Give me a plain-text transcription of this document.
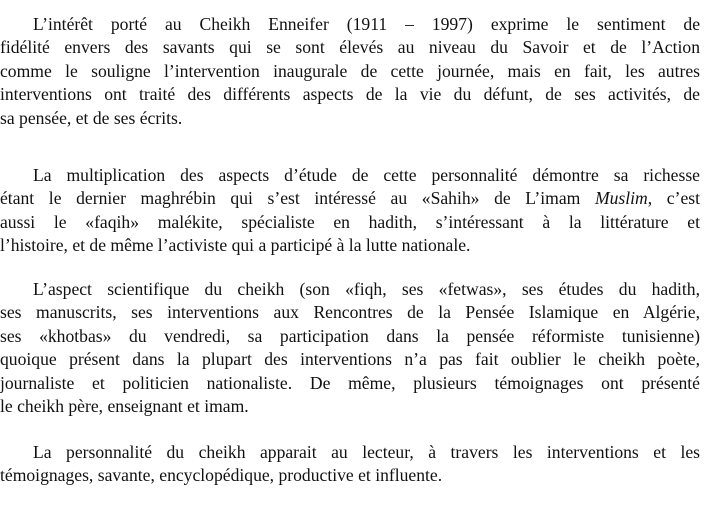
L’intérêt porté au Cheikh Enneifer (1911 – 1997) exprime le sentiment de
fidélité envers des savants qui se sont élevés au niveau du Savoir et de l’Action
comme le souligne l’intervention inaugurale de cette journée, mais en fait, les autres
interventions ont traité des différents aspects de la vie du défunt, de ses activités, de
sa pensée, et de ses écrits.
La multiplication des aspects d’étude de cette personnalité démontre sa richesse
étant le dernier maghrébin qui s’est intéressé au «Sahih» de L’imam Muslim, c’est
aussi le «faqih» malékite, spécialiste en hadith, s’intéressant à la littérature et
l’histoire, et de même l’activiste qui a participé à la lutte nationale.
L’aspect scientifique du cheikh (son «fiqh, ses «fetwas», ses études du hadith,
ses manuscrits, ses interventions aux Rencontres de la Pensée Islamique en Algérie,
ses «khotbas» du vendredi, sa participation dans la pensée réformiste tunisienne)
quoique présent dans la plupart des interventions n’a pas fait oublier le cheikh poète,
journaliste et politicien nationaliste. De même, plusieurs témoignages ont présenté
le cheikh père, enseignant et imam.
La personnalité du cheikh apparait au lecteur, à travers les interventions et les
témoignages, savante, encyclopédique, productive et influente.
